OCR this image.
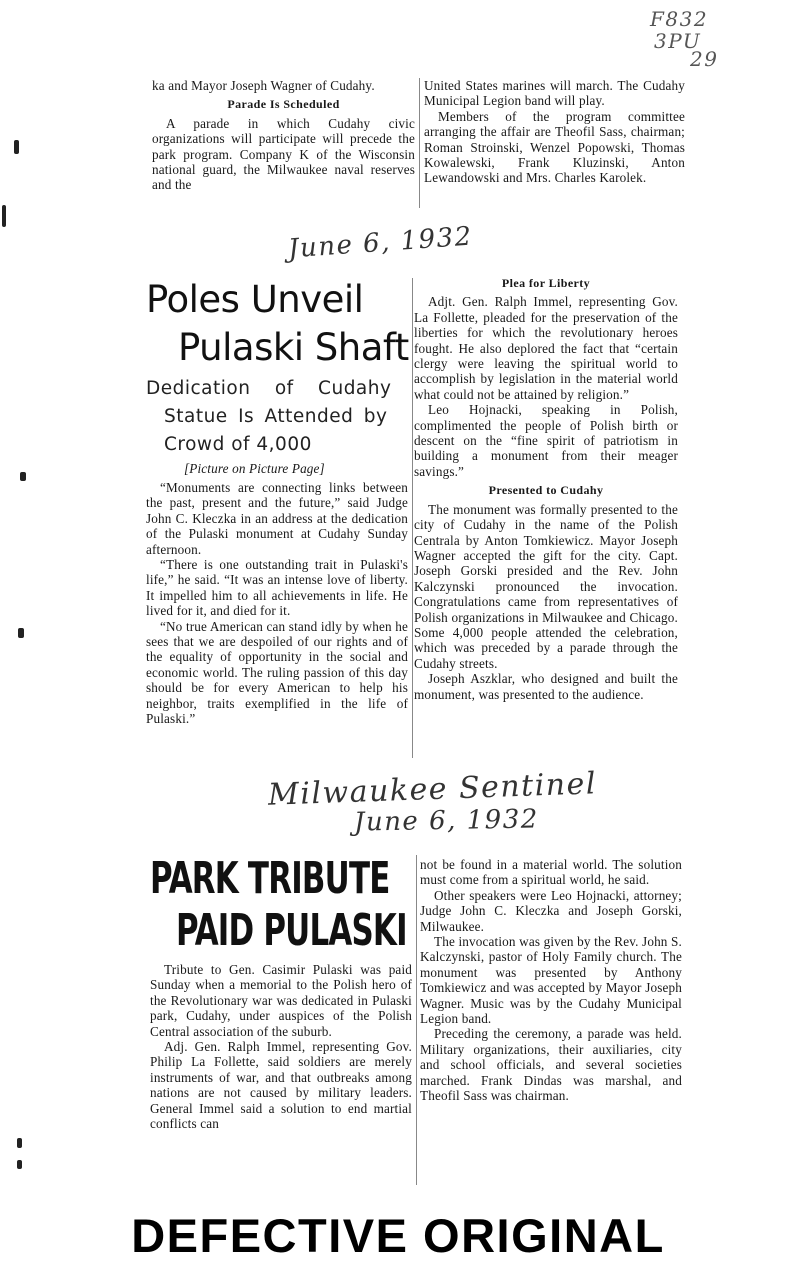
F832
3PU
29

ka and Mayor Joseph Wagner of Cudahy.

Parade Is Scheduled

A parade in which Cudahy civic organizations will participate will precede the park program. Company K of the Wisconsin national guard, the Milwaukee naval reserves and the

United States marines will march. The Cudahy Municipal Legion band will play.

Members of the program committee arranging the affair are Theofil Sass, chairman; Roman Stroinski, Wenzel Popowski, Thomas Kowalewski, Frank Kluzinski, Anton Lewandowski and Mrs. Charles Karolek.

June 6, 1932
Poles Unveil
Pulaski Shaft
Dedication of Cudahy
Statue Is Attended by
Crowd of 4,000

[Picture on Picture Page]

“Monuments are connecting links between the past, present and the future,” said Judge John C. Kleczka in an address at the dedication of the Pulaski monument at Cudahy Sunday afternoon.

“There is one outstanding trait in Pulaski's life,” he said. “It was an intense love of liberty. It impelled him to all achievements in life. He lived for it, and died for it.

“No true American can stand idly by when he sees that we are despoiled of our rights and of the equality of opportunity in the social and economic world. The ruling passion of this day should be for every American to help his neighbor, traits exemplified in the life of Pulaski.”

Plea for Liberty

Adjt. Gen. Ralph Immel, representing Gov. La Follette, pleaded for the preservation of the liberties for which the revolutionary heroes fought. He also deplored the fact that “certain clergy were leaving the spiritual world to accomplish by legislation in the material world what could not be attained by religion.”

Leo Hojnacki, speaking in Polish, complimented the people of Polish birth or descent on the “fine spirit of patriotism in building a monument from their meager savings.”

Presented to Cudahy

The monument was formally presented to the city of Cudahy in the name of the Polish Centrala by Anton Tomkiewicz. Mayor Joseph Wagner accepted the gift for the city. Capt. Joseph Gorski presided and the Rev. John Kalczynski pronounced the invocation. Congratulations came from representatives of Polish organizations in Milwaukee and Chicago. Some 4,000 people attended the celebration, which was preceded by a parade through the Cudahy streets.

Joseph Aszklar, who designed and built the monument, was presented to the audience.

Milwaukee Sentinel
June 6, 1932
PARK TRIBUTE
PAID PULASKI

Tribute to Gen. Casimir Pulaski was paid Sunday when a memorial to the Polish hero of the Revolutionary war was dedicated in Pulaski park, Cudahy, under auspices of the Polish Central association of the suburb.

Adj. Gen. Ralph Immel, representing Gov. Philip La Follette, said soldiers are merely instruments of war, and that outbreaks among nations are not caused by military leaders. General Immel said a solution to end martial conflicts can

not be found in a material world. The solution must come from a spiritual world, he said.

Other speakers were Leo Hojnacki, attorney; Judge John C. Kleczka and Joseph Gorski, Milwaukee.

The invocation was given by the Rev. John S. Kalczynski, pastor of Holy Family church. The monument was presented by Anthony Tomkiewicz and was accepted by Mayor Joseph Wagner. Music was by the Cudahy Municipal Legion band.

Preceding the ceremony, a parade was held. Military organizations, their auxiliaries, city and school officials, and several societies marched. Frank Dindas was marshal, and Theofil Sass was chairman.

DEFECTIVE ORIGINAL
